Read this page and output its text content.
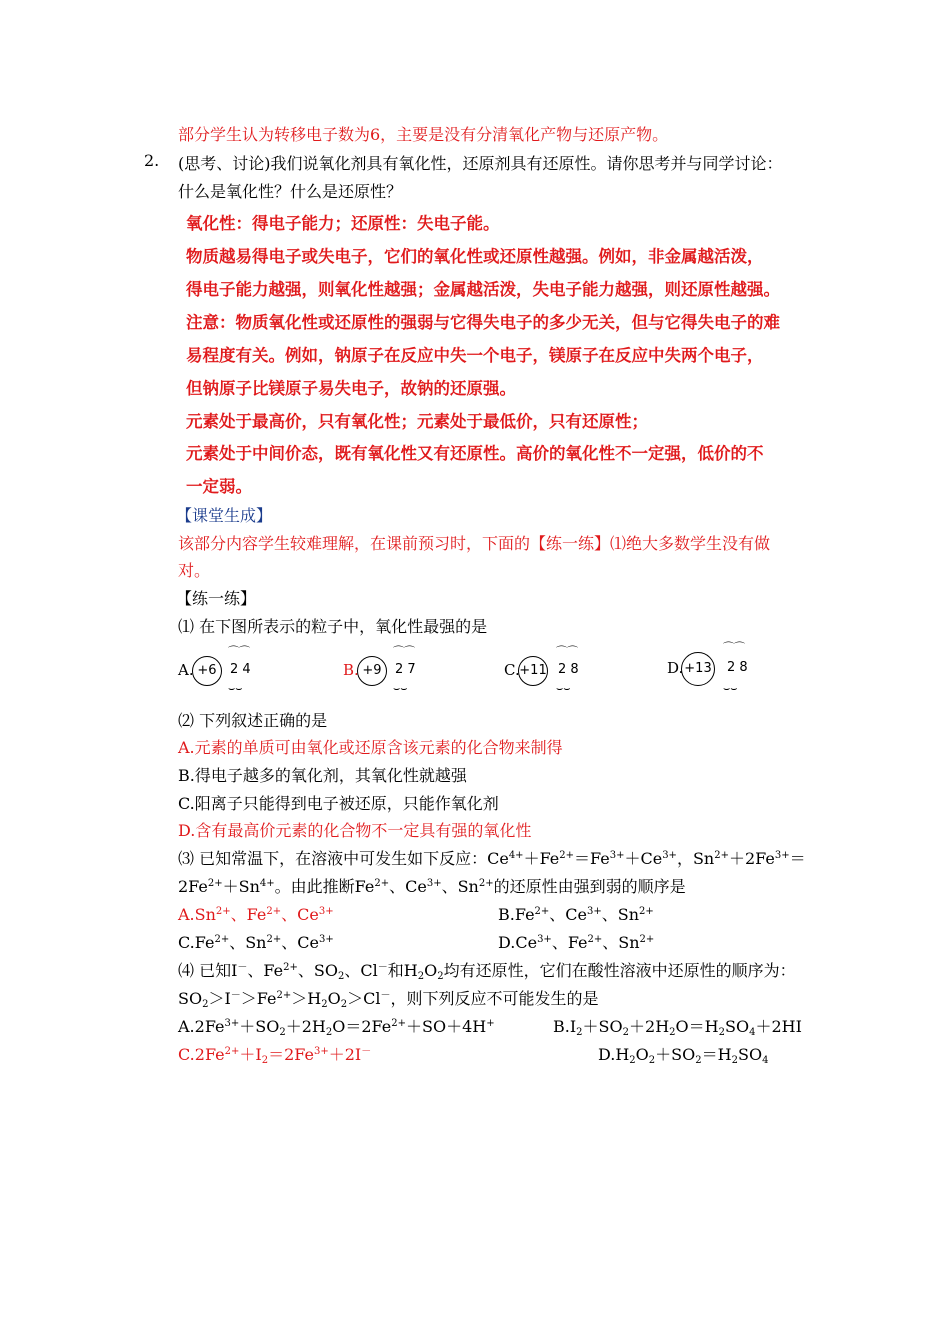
部分学生认为转移电子数为6，主要是没有分清氧化产物与还原产物。
2. (思考、讨论)我们说氧化剂具有氧化性，还原剂具有还原性。请你思考并与同学讨论：
什么是氧化性？什么是还原性？
氧化性：得电子能力；还原性：失电子能。
物质越易得电子或失电子，它们的氧化性或还原性越强。例如，非金属越活泼，
得电子能力越强，则氧化性越强；金属越活泼，失电子能力越强，则还原性越强。
注意：物质氧化性或还原性的强弱与它得失电子的多少无关，但与它得失电子的难
易程度有关。例如，钠原子在反应中失一个电子，镁原子在反应中失两个电子，
但钠原子比镁原子易失电子，故钠的还原强。
元素处于最高价，只有氧化性；元素处于最低价，只有还原性；
元素处于中间价态，既有氧化性又有还原性。高价的氧化性不一定强，低价的不
一定弱。
【课堂生成】
该部分内容学生较难理解，在课前预习时，下面的【练一练】⑴绝大多数学生没有做
对。
【练一练】
⑴ 在下图所表示的粒子中，氧化性最强的是
A. +6	2 4
⌒⌒
⌣⌣
B. +9	2 7
⌒⌒
⌣⌣
C. +11 2 8
⌒⌒
⌣⌣
D. +13 2 8
⌒⌒
⌣⌣
⑵ 下列叙述正确的是
A.元素的单质可由氧化或还原含该元素的化合物来制得
B.得电子越多的氧化剂，其氧化性就越强
C.阳离子只能得到电子被还原，只能作氧化剂
D.含有最高价元素的化合物不一定具有强的氧化性
⑶ 已知常温下，在溶液中可发生如下反应：$Ce^{4+}+Fe^{2+}=Fe^{3+}+Ce^{3+}$，$Sn^{2+}+2Fe^{3+}=$
$2Fe^{2+}+Sn^{4+}$。由此推断$Fe^{2+}$、$Ce^{3+}$、$Sn^{2+}$的还原性由强到弱的顺序是
$A.Sn^{2+}$、$Fe^{2+}$、$Ce^{3+}$	$B.Fe^{2+}$、$Ce^{3+}$、$Sn^{2+}$
$C.Fe^{2+}$、$Sn^{2+}$、$Ce^{3+}$	$D.Ce^{3+}$、$Fe^{2+}$、$Sn^{2+}$
⑷ 已知I－、$Fe^{2+}$、$SO_2$、Cl－和$H_2O_2$均有还原性，它们在酸性溶液中还原性的顺序为：
$SO_2>I^->Fe^{2+}>H_2O_2>Cl^-$，则下列反应不可能发生的是
$A.2Fe^{3+}+SO_2+2H_2O=2Fe^{2+}+SO+4H^+$	$B.I_2+SO_2+2H_2O=H_2SO_4+2HI$
$C.2Fe^{2+}+I_2=2Fe^{3+}+2I^-$	$D.H_2O_2+SO_2=H_2SO_4$
